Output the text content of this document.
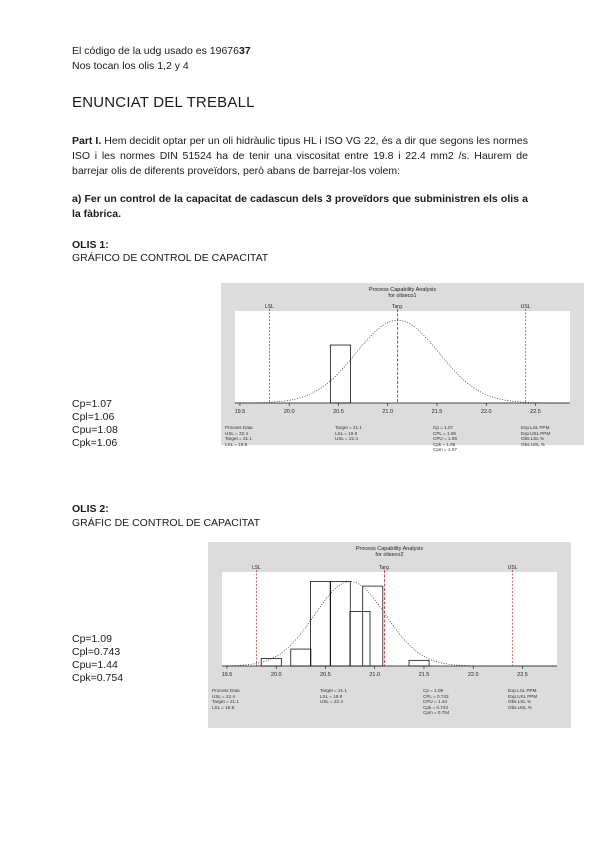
El código de la udg usado es 1967637
Nos tocan los olis 1,2 y 4
ENUNCIAT DEL TREBALL
Part I. Hem decidit optar per un oli hidràulic tipus HL i ISO VG 22, és a dir que segons les normes ISO i les normes DIN 51524 ha de tenir una viscositat entre 19.8 i 22.4 mm2 /s. Haurem de barrejar olis de diferents proveïdors, però abans de barrejar-los volem:
a) Fer un control de la capacitat de cadascun dels 3 proveïdors que subministren els olis a la fàbrica.
OLIS 1:
GRÁFICO DE CONTROL DE CAPACITAT
Cp=1.07
Cpl=1.06
Cpu=1.08
Cpk=1.06
Process Capability Analysis
for oliseco1
LSL	USL
Targ.
19.5	20.0	20.5	21.0	21.5	22.0	22.5
Process Data
USL = 22.4
Target = 21.1
LSL = 19.8
Target = 21.1
LSL = 19.8
USL = 22.4
Cp = 1.07
CPL = 1.06
CPU = 1.08
Cpk = 1.06
Cpm = 1.07
Exp.LSL PPM
Exp.USL PPM
Obs.LSL %
Obs.USL %
OLIS 2:
GRÁFIC DE CONTROL DE CAPACITAT
Cp=1.09
Cpl=0.743
Cpu=1.44
Cpk=0.754
Process Capability Analysis
for oliseco2
LSL	USL
Targ.
19.5	20.0	20.5	21.0	21.5	22.0	22.5
Process Data
USL = 22.4
Target = 21.1
LSL = 19.8
Target = 21.1
LSL = 19.8
USL = 22.4
Cp = 1.09
CPL = 0.743
CPU = 1.44
Cpk = 0.743
Cpm = 0.754
Exp.LSL PPM
Exp.USL PPM
Obs.LSL %
Obs.USL %
